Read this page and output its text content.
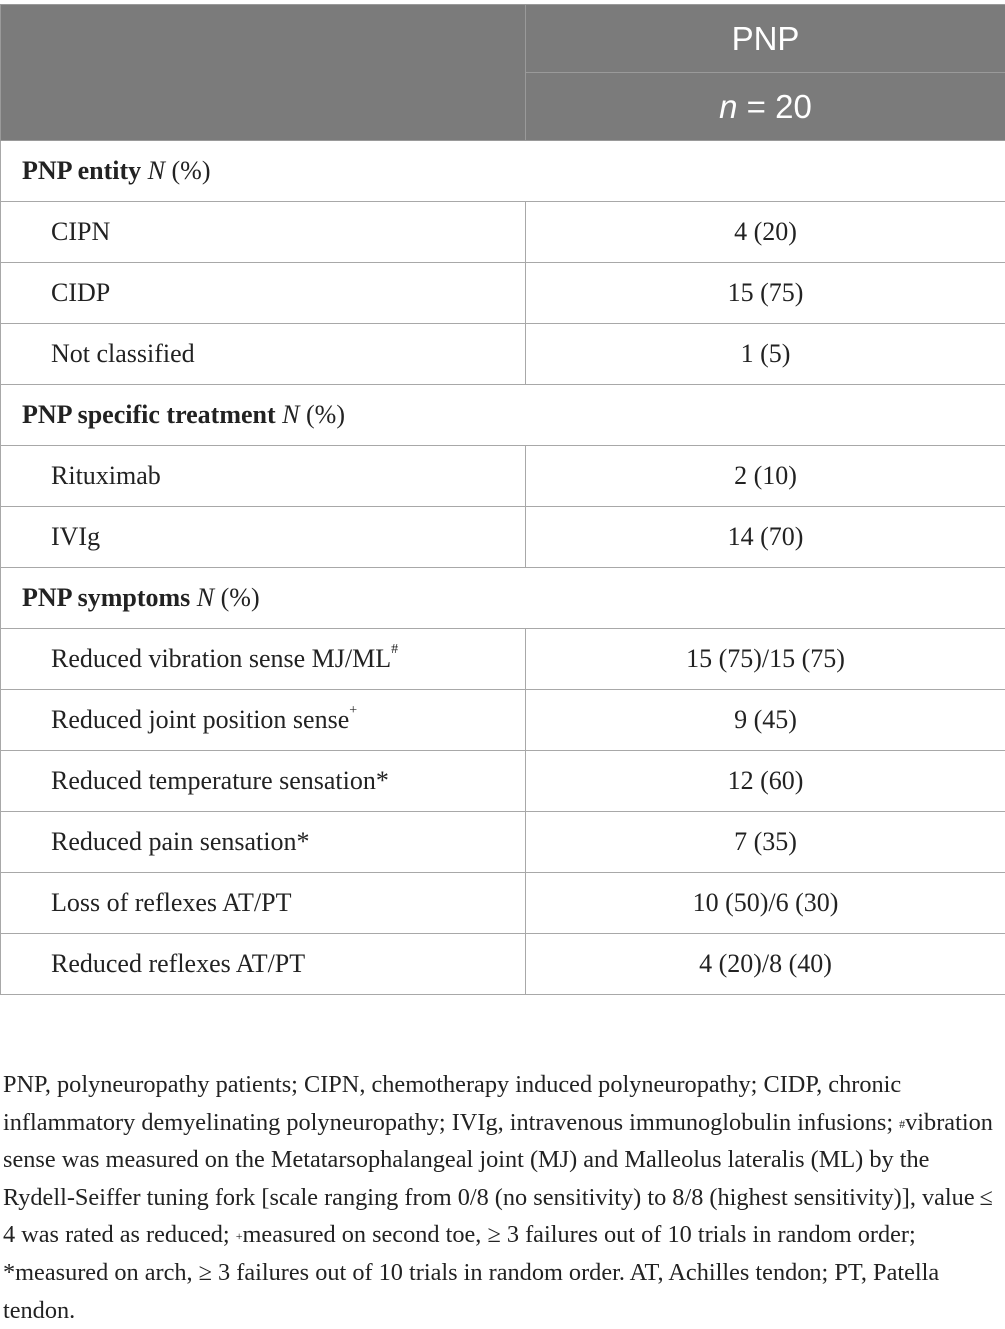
	PNP
	n = 20
PNP entity N (%)	
CIPN	4 (20)
CIDP	15 (75)
Not classified	1 (5)
PNP specific treatment N (%)	
Rituximab	2 (10)
IVIg	14 (70)
PNP symptoms N (%)	
Reduced vibration sense MJ/ML#	15 (75)/15 (75)
Reduced joint position sense+	9 (45)
Reduced temperature sensation*	12 (60)
Reduced pain sensation*	7 (35)
Loss of reflexes AT/PT	10 (50)/6 (30)
Reduced reflexes AT/PT	4 (20)/8 (40)
PNP, polyneuropathy patients; CIPN, chemotherapy induced polyneuropathy; CIDP, chronic inflammatory demyelinating polyneuropathy; IVIg, intravenous immunoglobulin infusions; #vibration sense was measured on the Metatarsophalangeal joint (MJ) and Malleolus lateralis (ML) by the Rydell-Seiffer tuning fork [scale ranging from 0/8 (no sensitivity) to 8/8 (highest sensitivity)], value ≤ 4 was rated as reduced; +measured on second toe, ≥ 3 failures out of 10 trials in random order; *measured on arch, ≥ 3 failures out of 10 trials in random order. AT, Achilles tendon; PT, Patella tendon.
